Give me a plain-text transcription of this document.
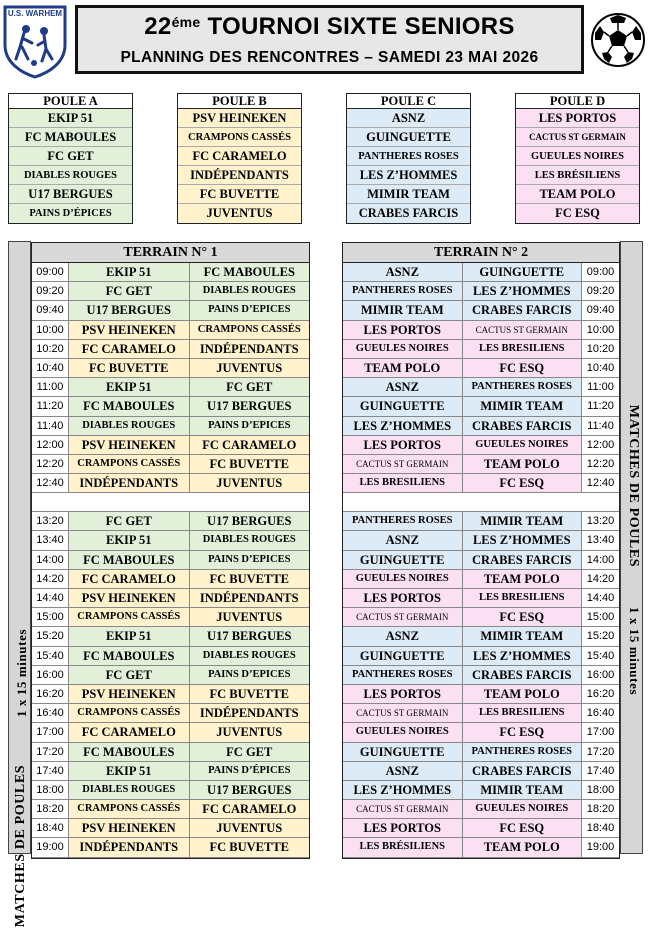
U.S. WARHEM	$22^{éme}$ TOURNOI SIXTE SENIORS
PLANNING DES RENCONTRES – SAMEDI 23 MAI 2026
POULE A
EKIP 51
FC MABOULES
FC GET
DIABLES ROUGES
U17 BERGUES
PAINS D’ÉPICES
POULE B
PSV HEINEKEN
CRAMPONS CASSÉS
FC CARAMELO
INDÉPENDANTS
FC BUVETTE
JUVENTUS
POULE C
ASNZ
GUINGUETTE
PANTHERES ROSES
LES Z’HOMMES
MIMIR TEAM
CRABES FARCIS
POULE D
LES PORTOS
CACTUS ST GERMAIN
GUEULES NOIRES
LES BRÉSILIENS
TEAM POLO
FC ESQ
1 x 15 minutes
MATCHES DE POULES
MATCHES DE POULES
1 x 15 minutes
TERRAIN N° 1
09:00	EKIP 51	FC MABOULES
09:20	FC GET	DIABLES ROUGES
09:40	U17 BERGUES	PAINS D’EPICES
10:00	PSV HEINEKEN	CRAMPONS CASSÉS
10:20	FC CARAMELO	INDÉPENDANTS
10:40	FC BUVETTE	JUVENTUS
11:00	EKIP 51	FC GET
11:20	FC MABOULES	U17 BERGUES
11:40	DIABLES ROUGES	PAINS D’EPICES
12:00	PSV HEINEKEN	FC CARAMELO
12:20	CRAMPONS CASSÉS	FC BUVETTE
12:40	INDÉPENDANTS	JUVENTUS
13:20	FC GET	U17 BERGUES
13:40	EKIP 51	DIABLES ROUGES
14:00	FC MABOULES	PAINS D’EPICES
14:20	FC CARAMELO	FC BUVETTE
14:40	PSV HEINEKEN	INDÉPENDANTS
15:00	CRAMPONS CASSÉS	JUVENTUS
15:20	EKIP 51	U17 BERGUES
15:40	FC MABOULES	DIABLES ROUGES
16:00	FC GET	PAINS D’EPICES
16:20	PSV HEINEKEN	FC BUVETTE
16:40	CRAMPONS CASSÉS	INDÉPENDANTS
17:00	FC CARAMELO	JUVENTUS
17:20	FC MABOULES	FC GET
17:40	EKIP 51	PAINS D’ÉPICES
18:00	DIABLES ROUGES	U17 BERGUES
18:20	CRAMPONS CASSÉS	FC CARAMELO
18:40	PSV HEINEKEN	JUVENTUS
19:00	INDÉPENDANTS	FC BUVETTE
TERRAIN N° 2
ASNZ	GUINGUETTE	09:00
PANTHERES ROSES	LES Z’HOMMES	09:20
MIMIR TEAM	CRABES FARCIS	09:40
LES PORTOS	CACTUS ST GERMAIN	10:00
GUEULES NOIRES	LES BRESILIENS	10:20
TEAM POLO	FC ESQ	10:40
ASNZ	PANTHERES ROSES	11:00
GUINGUETTE	MIMIR TEAM	11:20
LES Z’HOMMES	CRABES FARCIS	11:40
LES PORTOS	GUEULES NOIRES	12:00
CACTUS ST GERMAIN	TEAM POLO	12:20
LES BRESILIENS	FC ESQ	12:40
PANTHERES ROSES	MIMIR TEAM	13:20
ASNZ	LES Z’HOMMES	13:40
GUINGUETTE	CRABES FARCIS	14:00
GUEULES NOIRES	TEAM POLO	14:20
LES PORTOS	LES BRESILIENS	14:40
CACTUS ST GERMAIN	FC ESQ	15:00
ASNZ	MIMIR TEAM	15:20
GUINGUETTE	LES Z’HOMMES	15:40
PANTHERES ROSES	CRABES FARCIS	16:00
LES PORTOS	TEAM POLO	16:20
CACTUS ST GERMAIN	LES BRESILIENS	16:40
GUEULES NOIRES	FC ESQ	17:00
GUINGUETTE	PANTHERES ROSES	17:20
ASNZ	CRABES FARCIS	17:40
LES Z’HOMMES	MIMIR TEAM	18:00
CACTUS ST GERMAIN	GUEULES NOIRES	18:20
LES PORTOS	FC ESQ	18:40
LES BRÉSILIENS	TEAM POLO	19:00
